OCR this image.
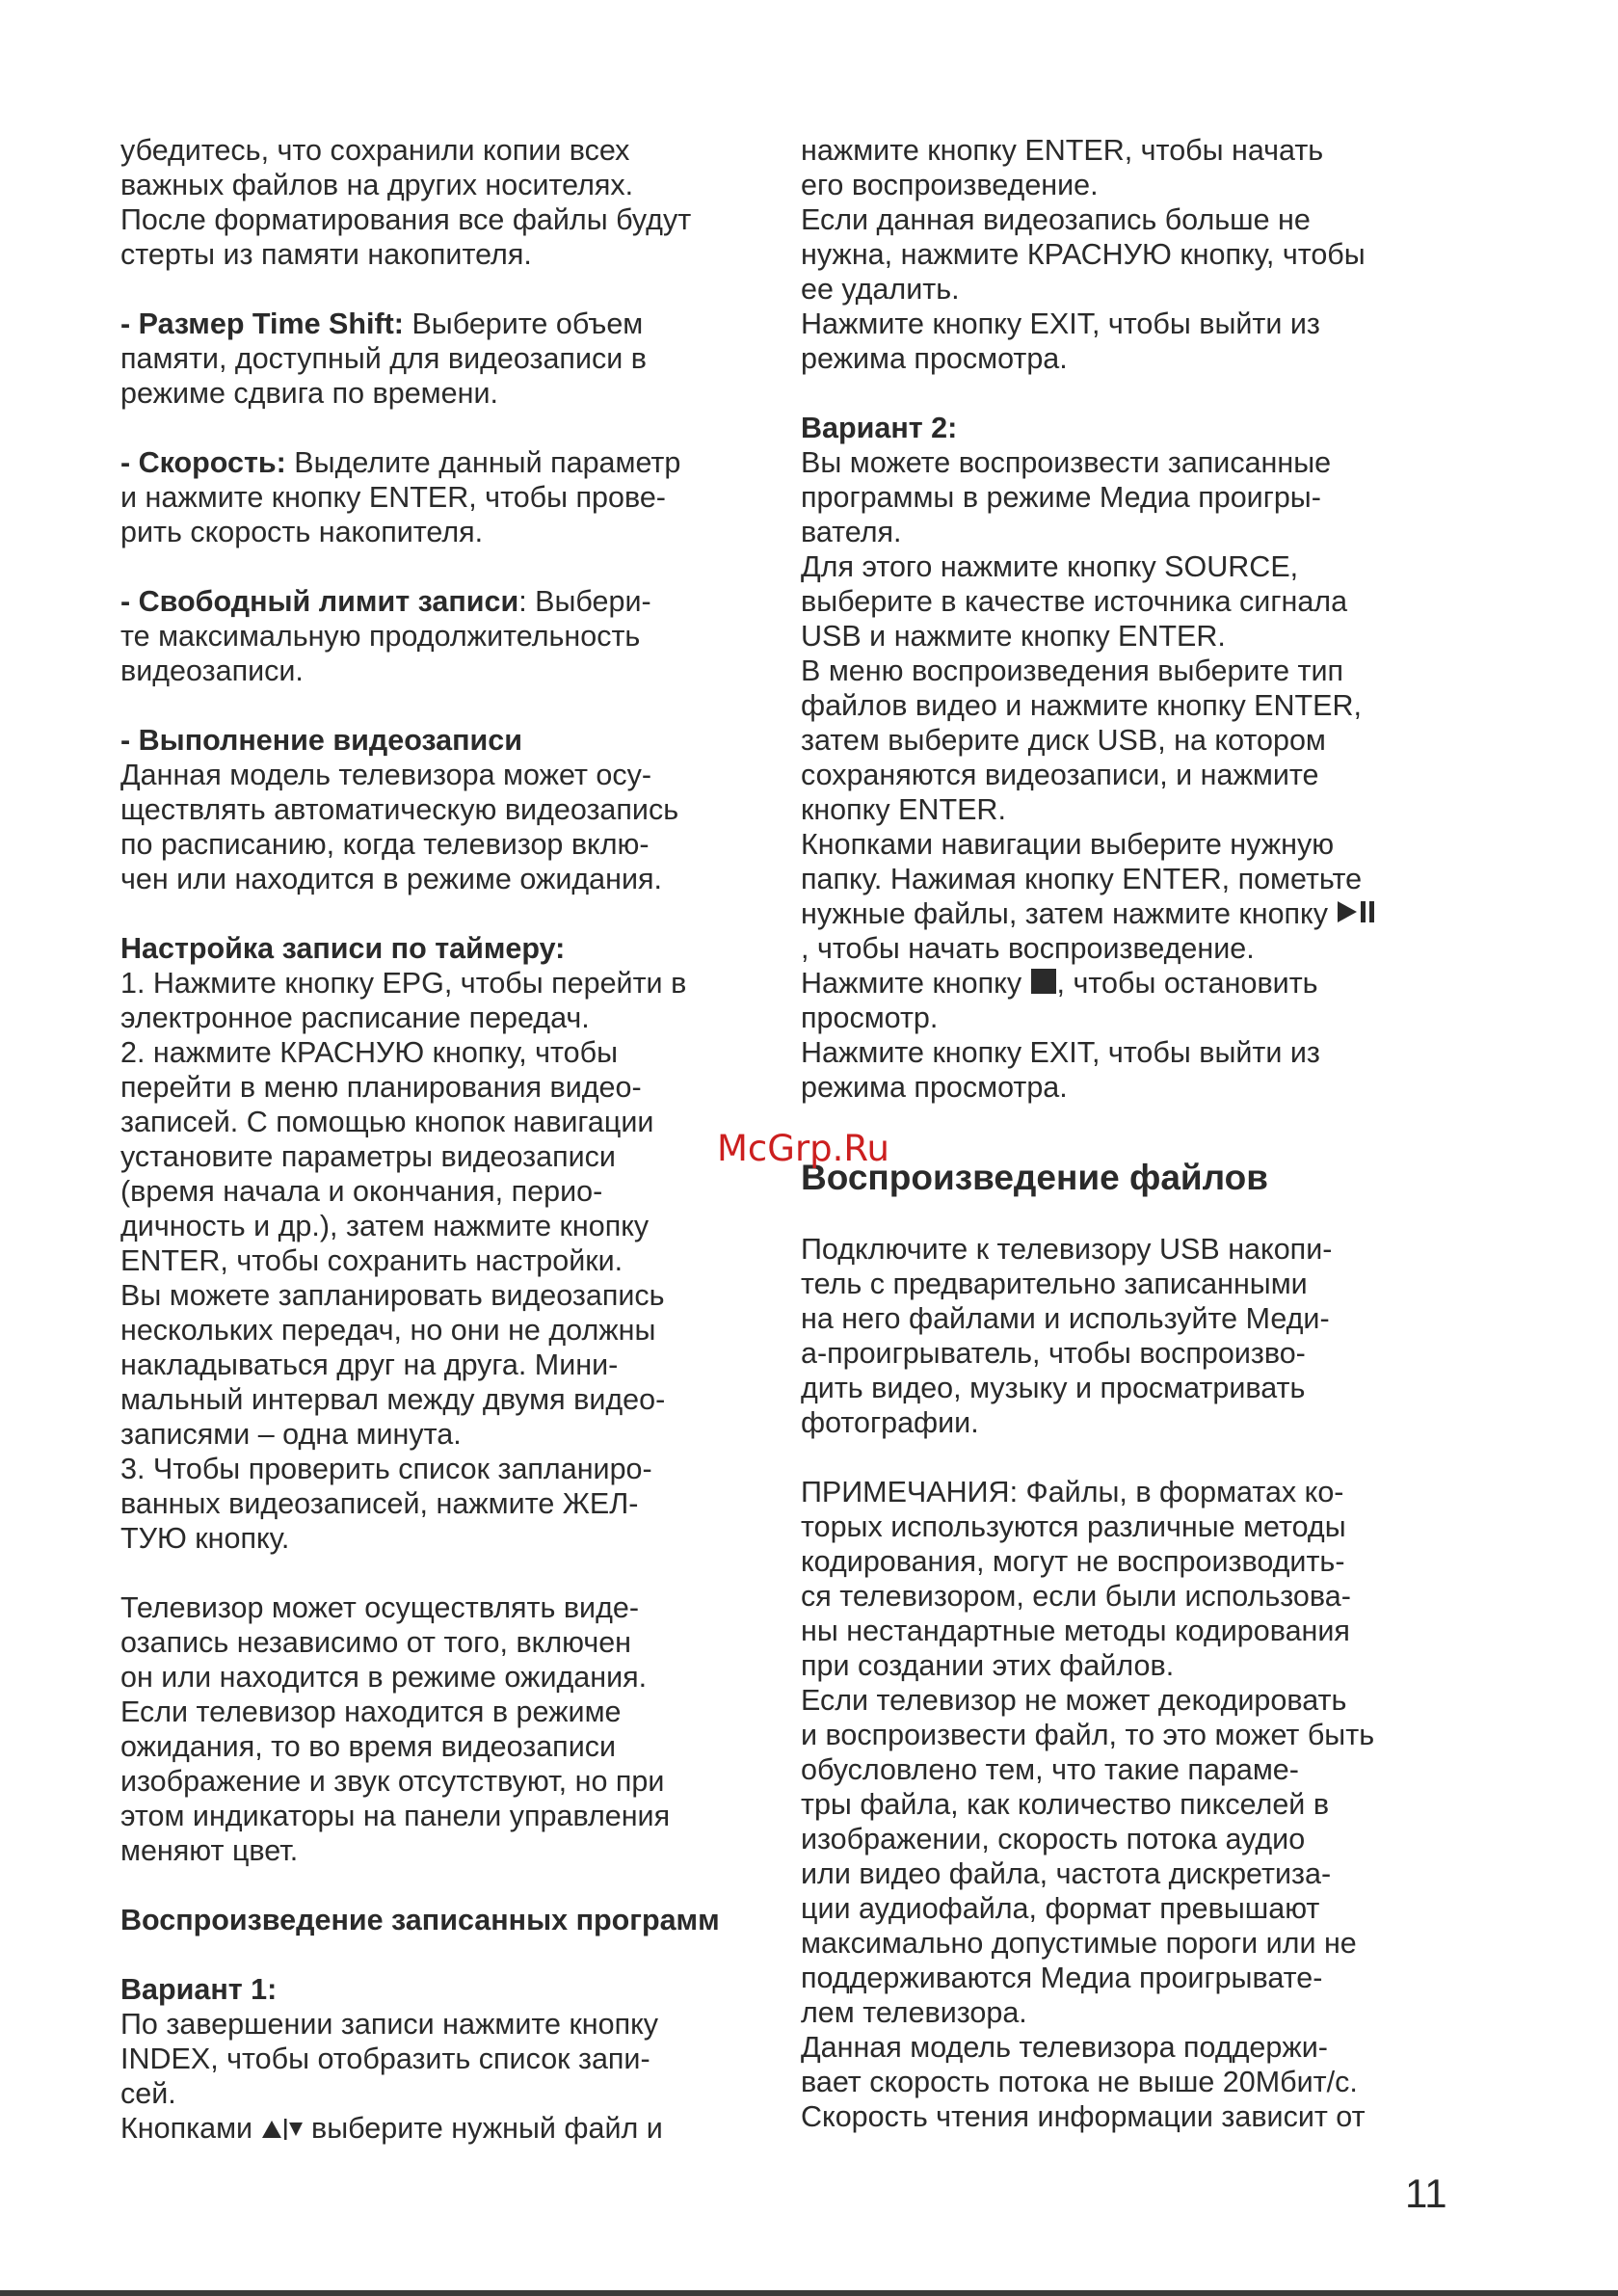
убедитесь, что сохранили копии всех
важных файлов на других носителях.
После форматирования все файлы будут
стерты из памяти накопителя.
- Размер Time Shift: Выберите объем
памяти, доступный для видеозаписи в
режиме сдвига по времени.
- Скорость: Выделите данный параметр
и нажмите кнопку ENTER, чтобы прове-
рить скорость накопителя.
- Свободный лимит записи: Выбери-
те максимальную продолжительность
видеозаписи.
- Выполнение видеозаписи
Данная модель телевизора может осу-
ществлять автоматическую видеозапись
по расписанию, когда телевизор вклю-
чен или находится в режиме ожидания.
Настройка записи по таймеру:
1. Нажмите кнопку EPG, чтобы перейти в
электронное расписание передач.
2. нажмите КРАСНУЮ кнопку, чтобы
перейти в меню планирования видео-
записей. С помощью кнопок навигации
установите параметры видеозаписи
(время начала и окончания, перио-
дичность и др.), затем нажмите кнопку
ENTER, чтобы сохранить настройки.
Вы можете запланировать видеозапись
нескольких передач, но они не должны
накладываться друг на друга. Мини-
мальный интервал между двумя видео-
записями – одна минута.
3. Чтобы проверить список запланиро-
ванных видеозаписей, нажмите ЖЕЛ-
ТУЮ кнопку.
Телевизор может осуществлять виде-
озапись независимо от того, включен
он или находится в режиме ожидания.
Если телевизор находится в режиме
ожидания, то во время видеозаписи
изображение и звук отсутствуют, но при
этом индикаторы на панели управления
меняют цвет.
Воспроизведение записанных программ
Вариант 1:
По завершении записи нажмите кнопку
INDEX, чтобы отобразить список запи-
сей.
Кнопками  выберите нужный файл и
нажмите кнопку ENTER, чтобы начать
его воспроизведение.
Если данная видеозапись больше не
нужна, нажмите КРАСНУЮ кнопку, чтобы
ее удалить.
Нажмите кнопку EXIT, чтобы выйти из
режима просмотра.
Вариант 2:
Вы можете воспроизвести записанные
программы в режиме Медиа проигры-
вателя.
Для этого нажмите кнопку SOURCE,
выберите в качестве источника сигнала
USB и нажмите кнопку ENTER.
В меню воспроизведения выберите тип
файлов видео и нажмите кнопку ENTER,
затем выберите диск USB, на котором
сохраняются видеозаписи, и нажмите
кнопку ENTER.
Кнопками навигации выберите нужную
папку. Нажимая кнопку ENTER, пометьте
нужные файлы, затем нажмите кнопку
, чтобы начать воспроизведение.
Нажмите кнопку , чтобы остановить
просмотр.
Нажмите кнопку EXIT, чтобы выйти из
режима просмотра.
Воспроизведение файлов
Подключите к телевизору USB накопи-
тель с предварительно записанными
на него файлами и используйте Меди-
а-проигрыватель, чтобы воспроизво-
дить видео, музыку и просматривать
фотографии.
ПРИМЕЧАНИЯ: Файлы, в форматах ко-
торых используются различные методы
кодирования, могут не воспроизводить-
ся телевизором, если были использова-
ны нестандартные методы кодирования
при создании этих файлов.
Если телевизор не может декодировать
и воспроизвести файл, то это может быть
обусловлено тем, что такие параме-
тры файла, как количество пикселей в
изображении, скорость потока аудио
или видео файла, частота дискретиза-
ции аудиофайла, формат превышают
максимально допустимые пороги или не
поддерживаются Медиа проигрывате-
лем телевизора.
Данная модель телевизора поддержи-
вает скорость потока не выше 20Мбит/с.
Скорость чтения информации зависит от
McGrp.Ru
11
